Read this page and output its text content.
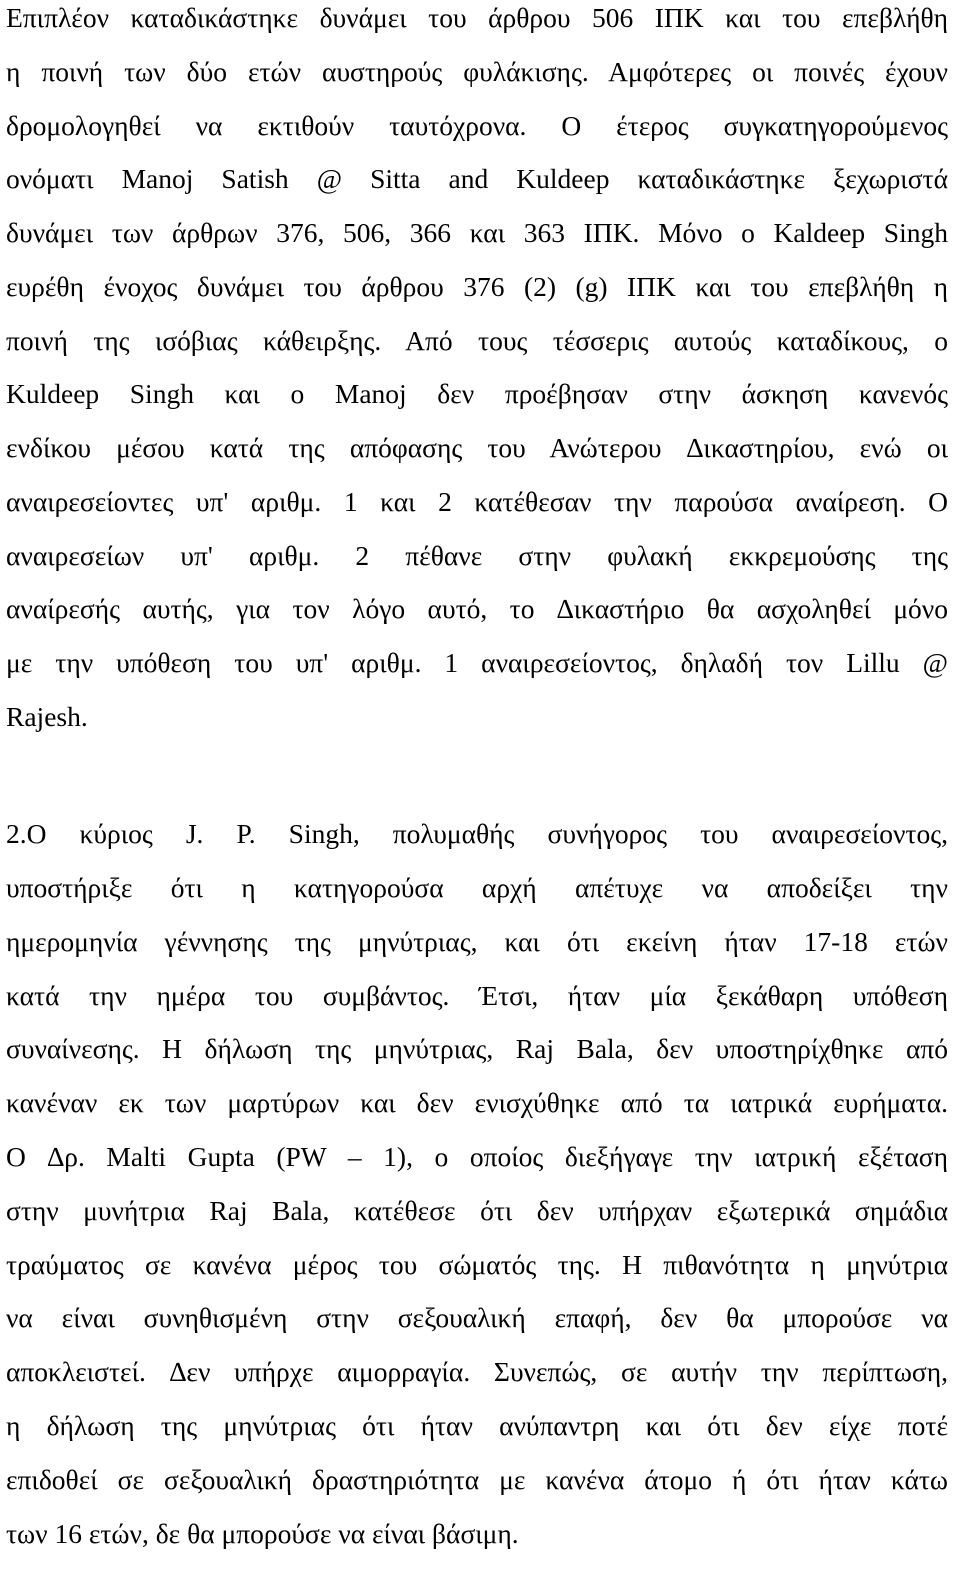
Επιπλέον καταδικάστηκε δυνάμει του άρθρου 506 ΙΠΚ και του επεβλήθη
η ποινή των δύο ετών αυστηρούς φυλάκισης. Αμφότερες οι ποινές έχουν
δρομολογηθεί να εκτιθούν ταυτόχρονα. Ο έτερος συγκατηγορούμενος
ονόματι Manoj Satish @ Sitta and Kuldeep καταδικάστηκε ξεχωριστά
δυνάμει των άρθρων 376, 506, 366 και 363 ΙΠΚ. Μόνο ο Kaldeep Singh
ευρέθη ένοχος δυνάμει του άρθρου 376 (2) (g) ΙΠΚ και του επεβλήθη η
ποινή της ισόβιας κάθειρξης. Από τους τέσσερις αυτούς καταδίκους, ο
Kuldeep Singh και ο Manoj δεν προέβησαν στην άσκηση κανενός
ενδίκου μέσου κατά της απόφασης του Ανώτερου ∆ικαστηρίου, ενώ οι
αναιρεσείοντες υπ' αριθμ. 1 και 2 κατέθεσαν την παρούσα αναίρεση. Ο
αναιρεσείων υπ' αριθμ. 2 πέθανε στην φυλακή εκκρεμούσης της
αναίρεσής αυτής, για τον λόγο αυτό, το ∆ικαστήριο θα ασχοληθεί μόνο
με την υπόθεση του υπ' αριθμ. 1 αναιρεσείοντος, δηλαδή τον Lillu @
Rajesh.
2.Ο κύριος J. P. Singh, πολυμαθής συνήγορος του αναιρεσείοντος,
υποστήριξε ότι η κατηγορούσα αρχή απέτυχε να αποδείξει την
ημερομηνία γέννησης της μηνύτριας, και ότι εκείνη ήταν 17-18 ετών
κατά την ημέρα του συμβάντος. Έτσι, ήταν μία ξεκάθαρη υπόθεση
συναίνεσης. Η δήλωση της μηνύτριας, Raj Bala, δεν υποστηρίχθηκε από
κανέναν εκ των μαρτύρων και δεν ενισχύθηκε από τα ιατρικά ευρήματα.
Ο ∆ρ. Malti Gupta (PW – 1), ο οποίος διεξήγαγε την ιατρική εξέταση
στην μυνήτρια Raj Bala, κατέθεσε ότι δεν υπήρχαν εξωτερικά σημάδια
τραύματος σε κανένα μέρος του σώματός της. Η πιθανότητα η μηνύτρια
να είναι συνηθισμένη στην σεξουαλική επαφή, δεν θα μπορούσε να
αποκλειστεί. ∆εν υπήρχε αιμορραγία. Συνεπώς, σε αυτήν την περίπτωση,
η δήλωση της μηνύτριας ότι ήταν ανύπαντρη και ότι δεν είχε ποτέ
επιδοθεί σε σεξουαλική δραστηριότητα με κανένα άτομο ή ότι ήταν κάτω
των 16 ετών, δε θα μπορούσε να είναι βάσιμη.
